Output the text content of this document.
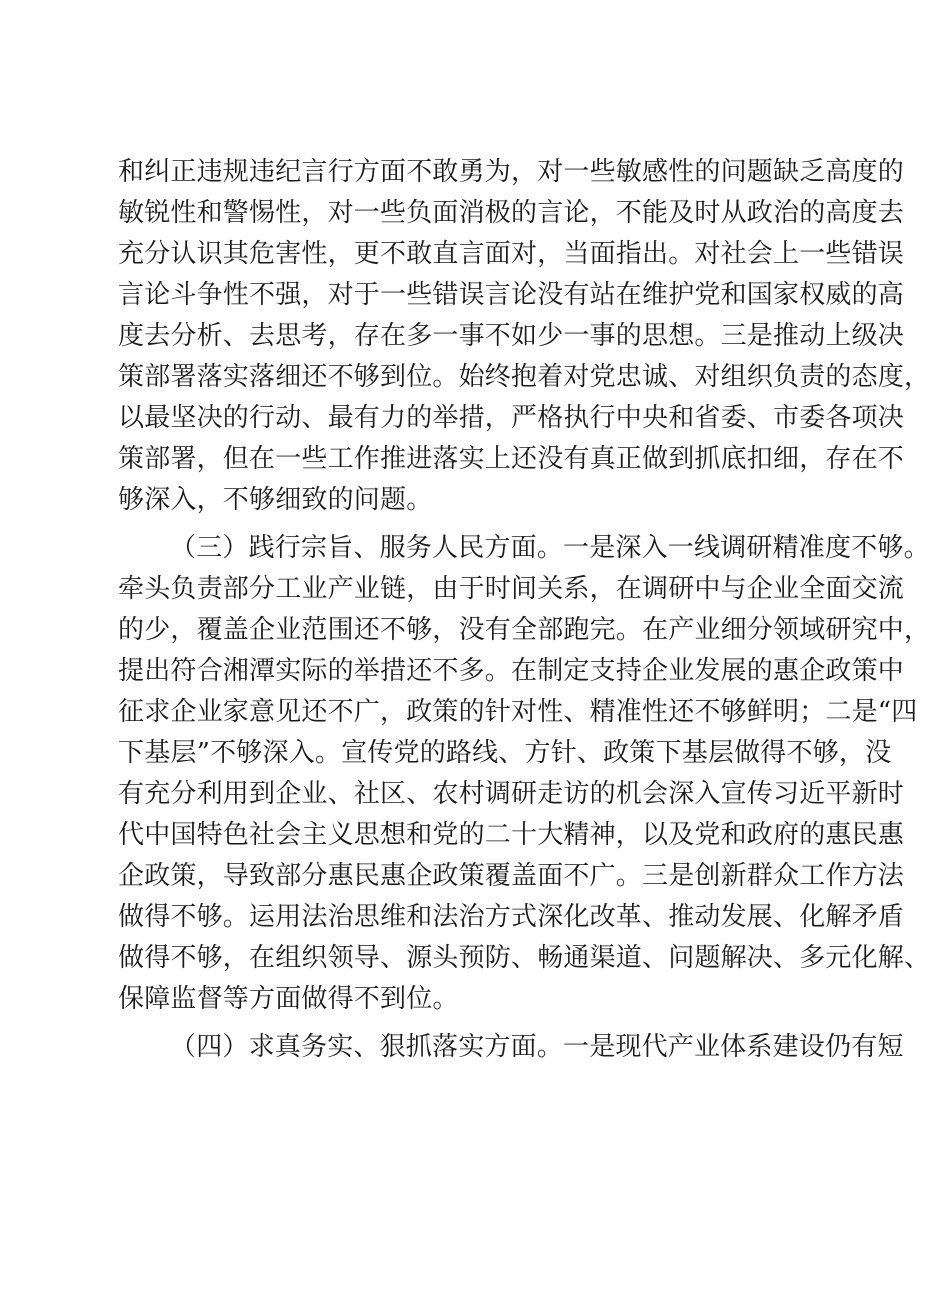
和纠正违规违纪言行方面不敢勇为，对一些敏感性的问题缺乏高度的
敏锐性和警惕性，对一些负面消极的言论，不能及时从政治的高度去
充分认识其危害性，更不敢直言面对，当面指出。对社会上一些错误
言论斗争性不强，对于一些错误言论没有站在维护党和国家权威的高
度去分析、去思考，存在多一事不如少一事的思想。三是推动上级决
策部署落实落细还不够到位。始终抱着对党忠诚、对组织负责的态度，
以最坚决的行动、最有力的举措，严格执行中央和省委、市委各项决
策部署，但在一些工作推进落实上还没有真正做到抓底扣细，存在不
够深入，不够细致的问题。
（三）践行宗旨、服务人民方面。一是深入一线调研精准度不够。
牵头负责部分工业产业链，由于时间关系，在调研中与企业全面交流
的少，覆盖企业范围还不够，没有全部跑完。在产业细分领域研究中，
提出符合湘潭实际的举措还不多。在制定支持企业发展的惠企政策中
征求企业家意见还不广，政策的针对性、精准性还不够鲜明；二是“四
下基层”不够深入。宣传党的路线、方针、政策下基层做得不够，没
有充分利用到企业、社区、农村调研走访的机会深入宣传习近平新时
代中国特色社会主义思想和党的二十大精神，以及党和政府的惠民惠
企政策，导致部分惠民惠企政策覆盖面不广。三是创新群众工作方法
做得不够。运用法治思维和法治方式深化改革、推动发展、化解矛盾
做得不够，在组织领导、源头预防、畅通渠道、问题解决、多元化解、
保障监督等方面做得不到位。
（四）求真务实、狠抓落实方面。一是现代产业体系建设仍有短
